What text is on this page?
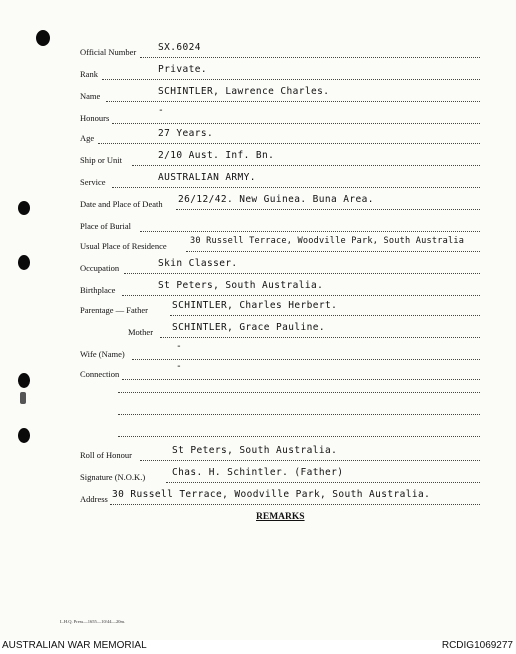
Official Number SX.6024
Rank	Private.
Name	SCHINTLER, Lawrence Charles.
Honours
-
Age	27 Years.
Ship or Unit	2/10 Aust. Inf. Bn.
Service	AUSTRALIAN ARMY.
Date and Place of Death 26/12/42. New Guinea. Buna Area.
Place of Burial
Usual Place of Residence	30 Russell Terrace, Woodville Park, South Australia
Occupation	Skin Classer.
Birthplace	St Peters, South Australia.
Parentage — Father	SCHINTLER, Charles Herbert.
Mother SCHINTLER, Grace Pauline.
Wife (Name)
-
Connection
-
Roll of Honour	St Peters, South Australia.
Signature (N.O.K.)	Chas. H. Schintler. (Father)
Address 30 Russell Terrace, Woodville Park, South Australia.
REMARKS
L.H.Q. Press—1655—10/44—20m.
AUSTRALIAN WAR MEMORIAL	RCDIG1069277
